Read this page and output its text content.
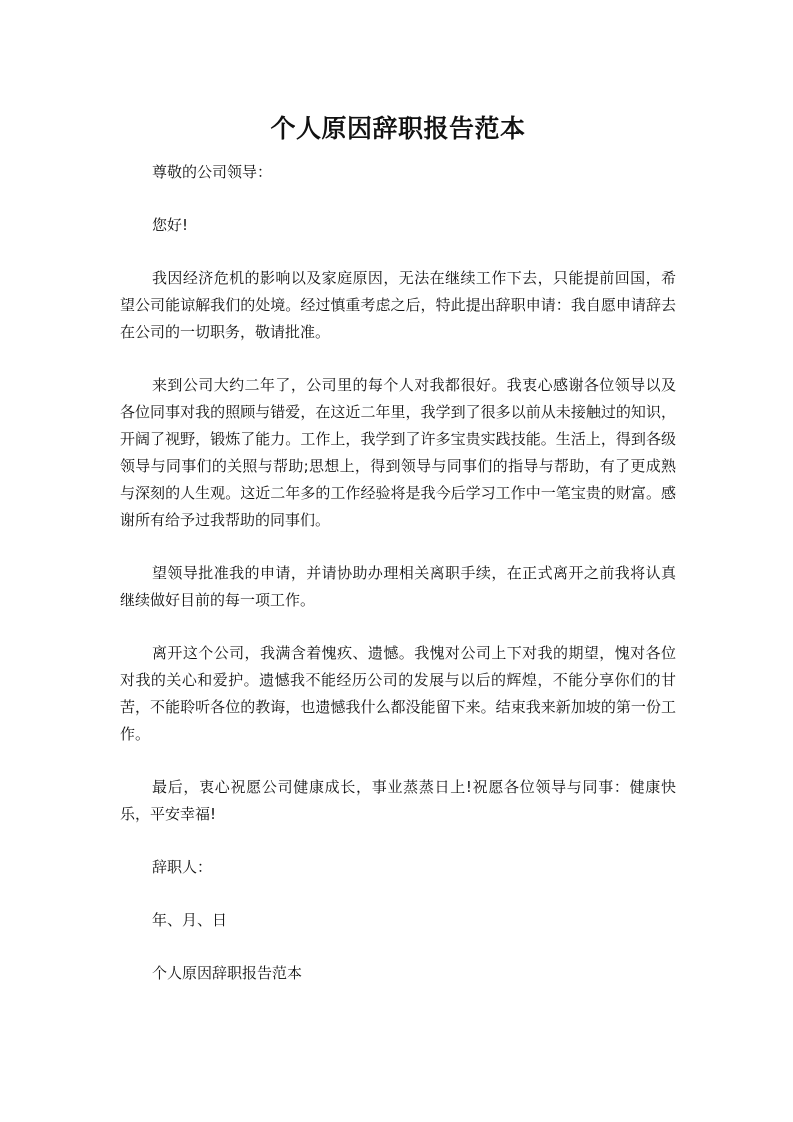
个人原因辞职报告范本

尊敬的公司领导：

您好!

我因经济危机的影响以及家庭原因，无法在继续工作下去，只能提前回国，希望公司能谅解我们的处境。经过慎重考虑之后，特此提出辞职申请：我自愿申请辞去在公司的一切职务，敬请批准。

来到公司大约二年了，公司里的每个人对我都很好。我衷心感谢各位领导以及各位同事对我的照顾与错爱，在这近二年里，我学到了很多以前从未接触过的知识，开阔了视野，锻炼了能力。工作上，我学到了许多宝贵实践技能。生活上，得到各级领导与同事们的关照与帮助;思想上，得到领导与同事们的指导与帮助，有了更成熟与深刻的人生观。这近二年多的工作经验将是我今后学习工作中一笔宝贵的财富。感谢所有给予过我帮助的同事们。

望领导批准我的申请，并请协助办理相关离职手续，在正式离开之前我将认真继续做好目前的每一项工作。

离开这个公司，我满含着愧疚、遗憾。我愧对公司上下对我的期望，愧对各位对我的关心和爱护。遗憾我不能经历公司的发展与以后的辉煌，不能分享你们的甘苦，不能聆听各位的教诲，也遗憾我什么都没能留下来。结束我来新加坡的第一份工作。

最后，衷心祝愿公司健康成长，事业蒸蒸日上!祝愿各位领导与同事：健康快乐，平安幸福!

辞职人：

年、月、日

个人原因辞职报告范本
